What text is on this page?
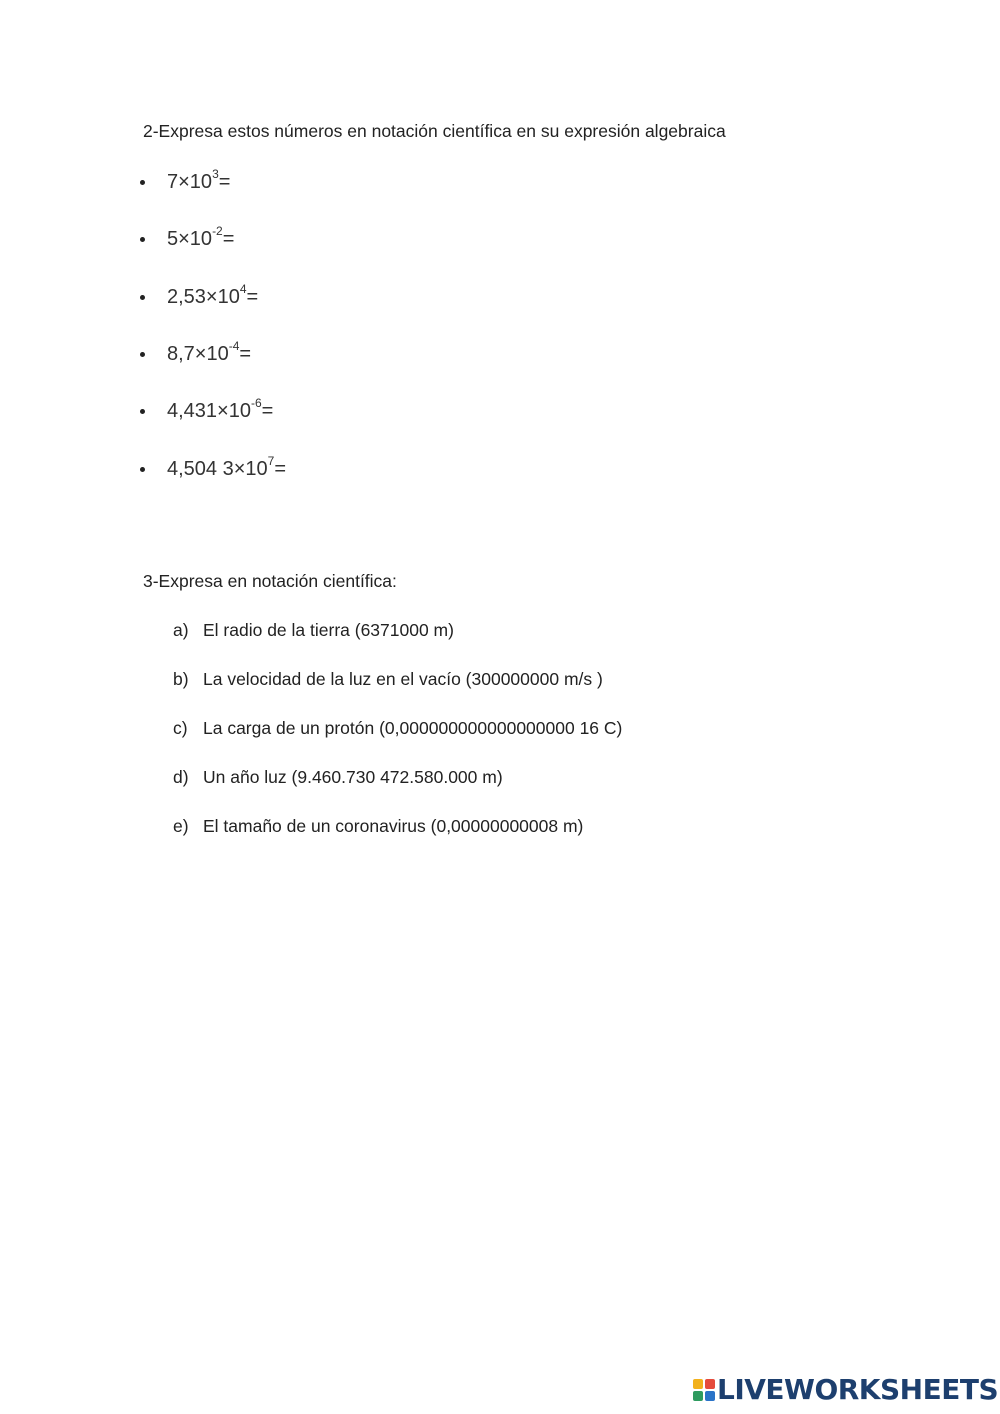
2-Expresa estos números en notación científica en su expresión algebraica
$7\times 10^3=$
$5\times 10^{-2}=$
$2,53\times 10^4=$
$8,7\times 10^{-4}=$
$4,431\times 10^{-6}=$
4,504 $3\times 10^7=$
3-Expresa en notación científica:
a) El radio de la tierra (6371000 m)
b) La velocidad de la luz en el vacío (300000000 m/s )
c) La carga de un protón (0,000000000000000000 16 C)
d) Un año luz (9.460.730 472.580.000 m)
e) El tamaño de un coronavirus (0,00000000008 m)
LIVEWORKSHEETS
